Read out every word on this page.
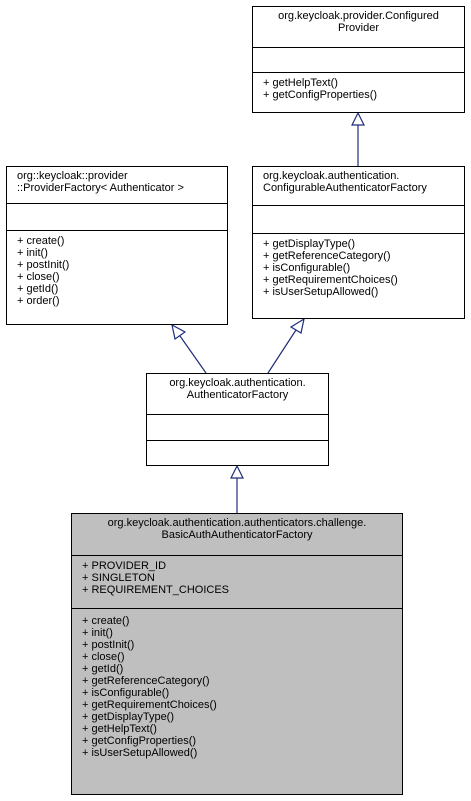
org.keycloak.provider.Configured
Provider
+ getHelpText()
+ getConfigProperties()
org::keycloak::provider
::ProviderFactory< Authenticator >
+ create()
+ init()
+ postInit()
+ close()
+ getId()
+ order()
org.keycloak.authentication.
ConfigurableAuthenticatorFactory
+ getDisplayType()
+ getReferenceCategory()
+ isConfigurable()
+ getRequirementChoices()
+ isUserSetupAllowed()
org.keycloak.authentication.
AuthenticatorFactory
org.keycloak.authentication.authenticators.challenge.
BasicAuthAuthenticatorFactory
+ PROVIDER_ID
+ SINGLETON
+ REQUIREMENT_CHOICES
+ create()
+ init()
+ postInit()
+ close()
+ getId()
+ getReferenceCategory()
+ isConfigurable()
+ getRequirementChoices()
+ getDisplayType()
+ getHelpText()
+ getConfigProperties()
+ isUserSetupAllowed()
